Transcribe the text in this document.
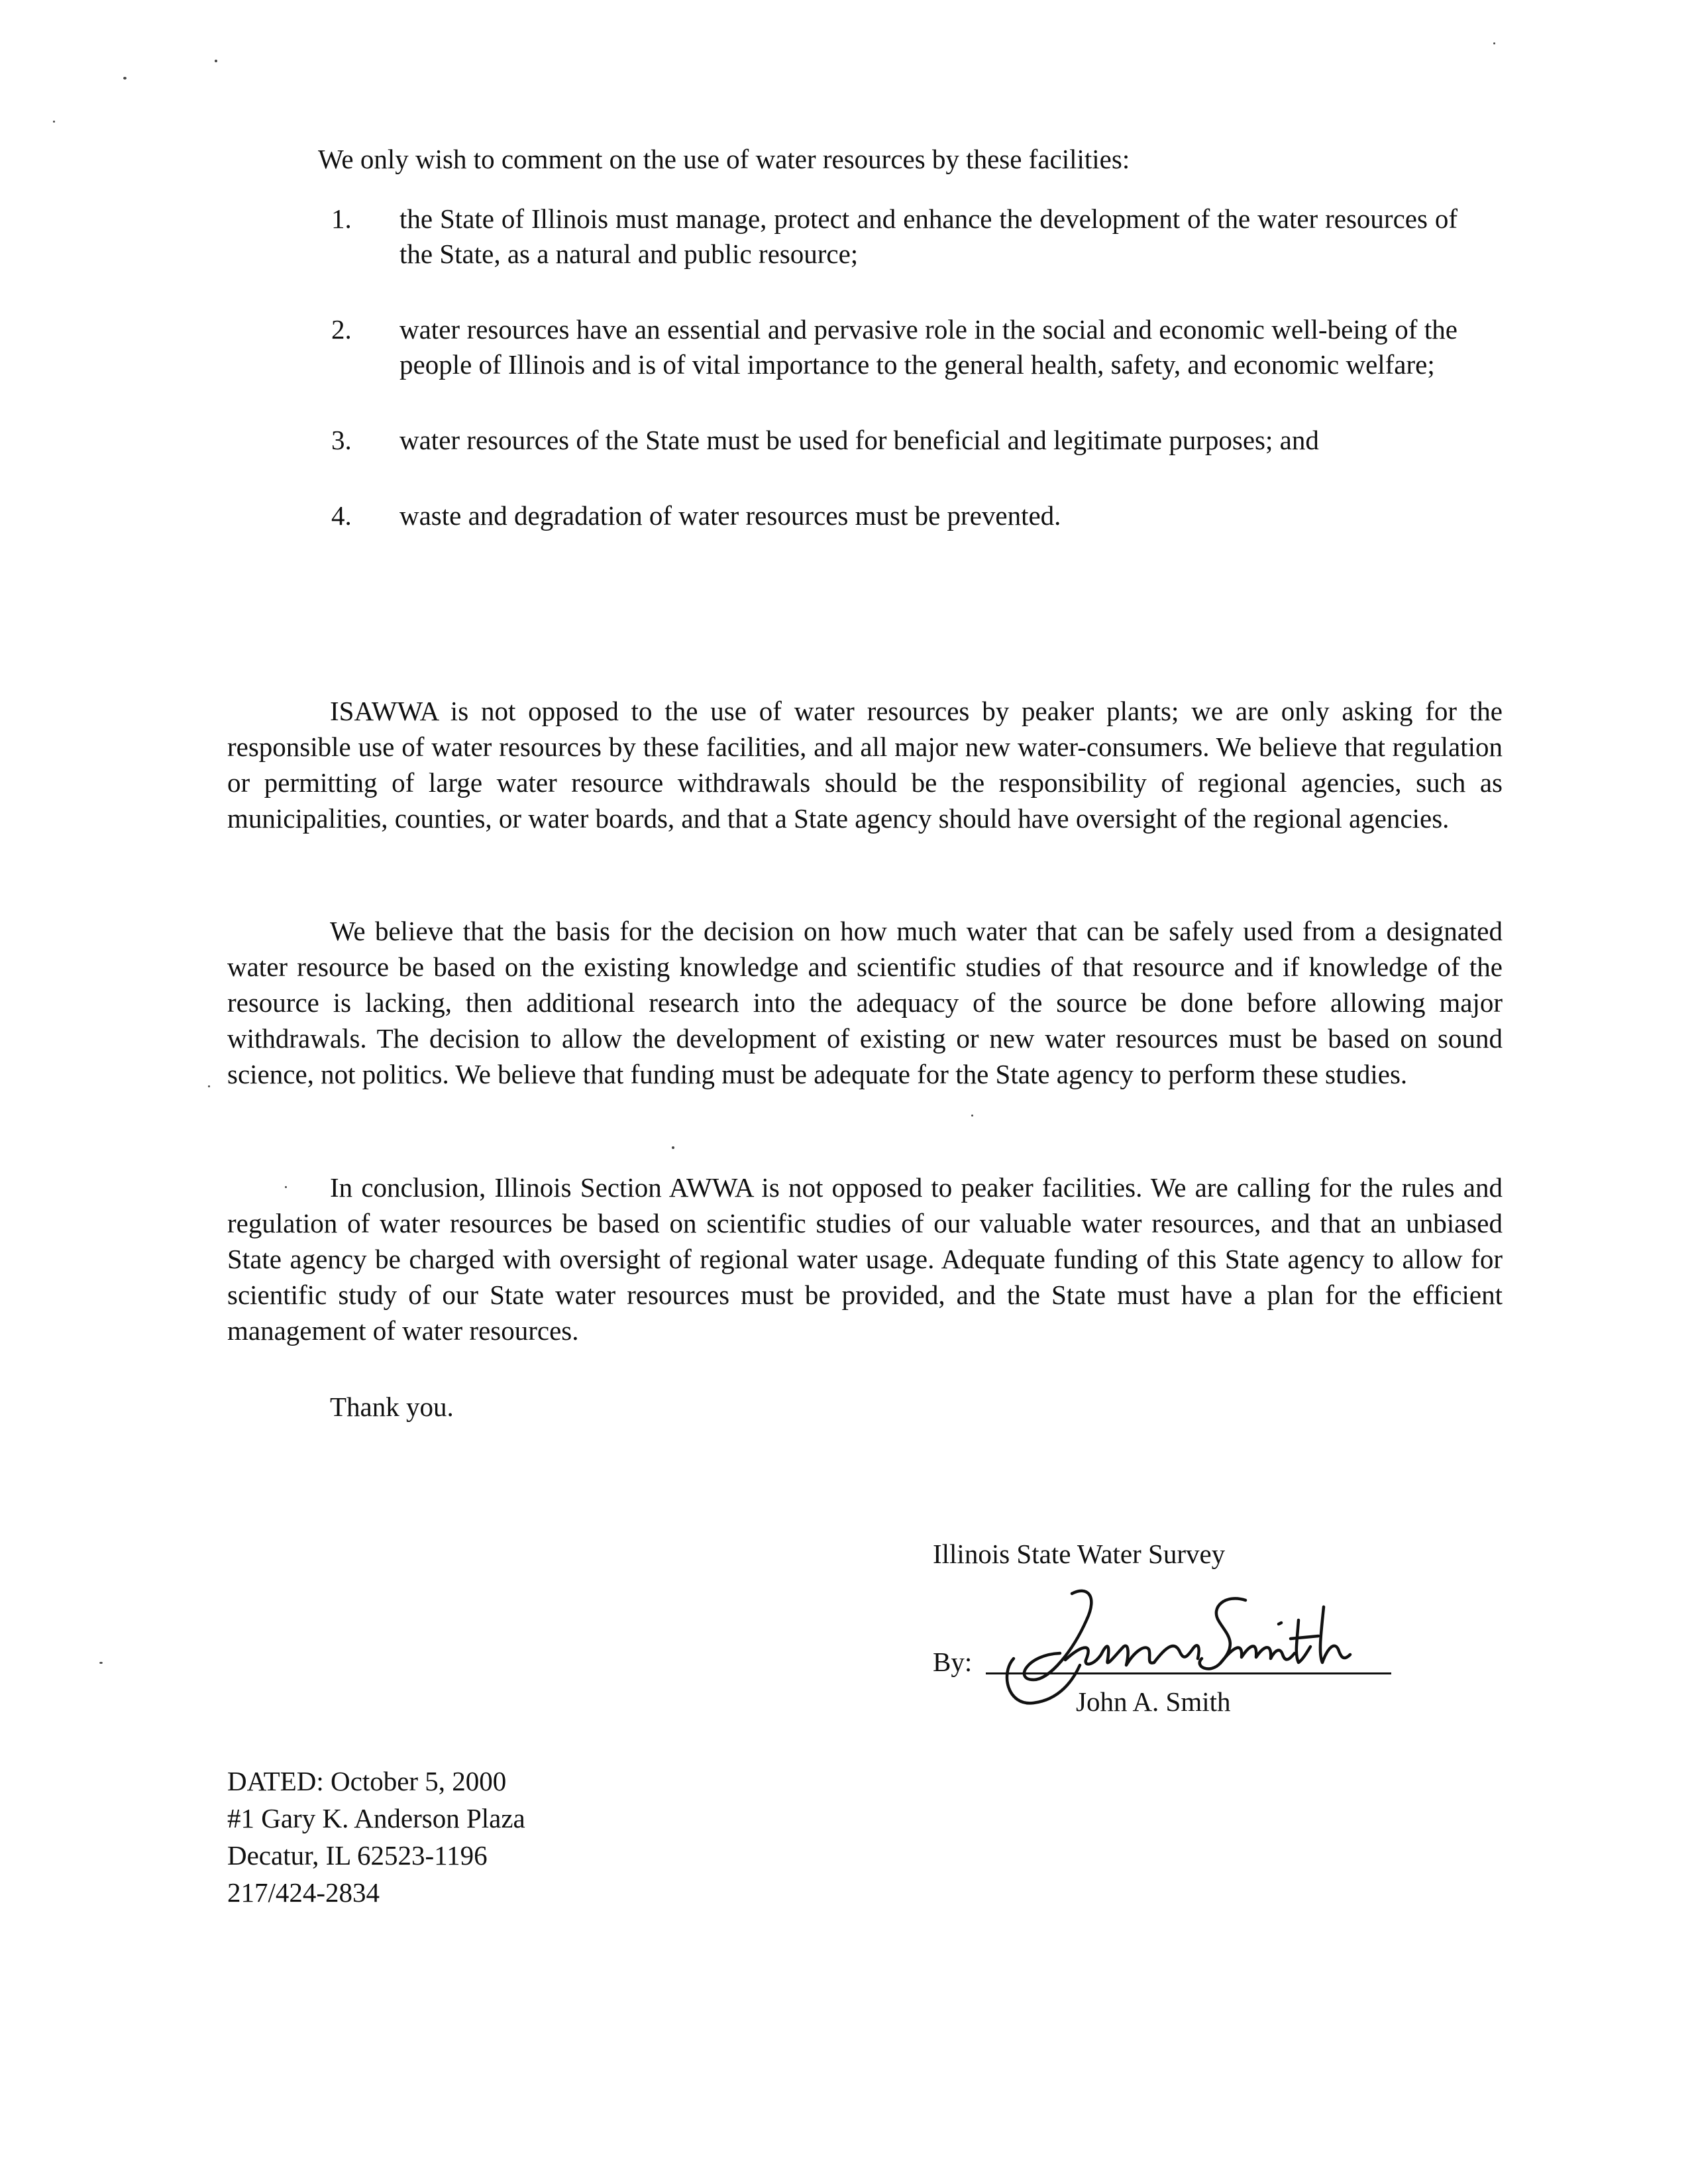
We only wish to comment on the use of water resources by these facilities:

1. the State of Illinois must manage, protect and enhance the development of the water resources of the State, as a natural and public resource;
2. water resources have an essential and pervasive role in the social and economic well-being of the people of Illinois and is of vital importance to the general health, safety, and economic welfare;
3. water resources of the State must be used for beneficial and legitimate purposes; and
4. waste and degradation of water resources must be prevented.

ISAWWA is not opposed to the use of water resources by peaker plants; we are only asking for the responsible use of water resources by these facilities, and all major new water-consumers. We believe that regulation or permitting of large water resource withdrawals should be the responsibility of regional agencies, such as municipalities, counties, or water boards, and that a State agency should have oversight of the regional agencies.

We believe that the basis for the decision on how much water that can be safely used from a designated water resource be based on the existing knowledge and scientific studies of that resource and if knowledge of the resource is lacking, then additional research into the adequacy of the source be done before allowing major withdrawals. The decision to allow the development of existing or new water resources must be based on sound science, not politics. We believe that funding must be adequate for the State agency to perform these studies.

In conclusion, Illinois Section AWWA is not opposed to peaker facilities. We are calling for the rules and regulation of water resources be based on scientific studies of our valuable water resources, and that an unbiased State agency be charged with oversight of regional water usage. Adequate funding of this State agency to allow for scientific study of our State water resources must be provided, and the State must have a plan for the efficient management of water resources.

Thank you.

Illinois State Water Survey

By:
John A. Smith
DATED: October 5, 2000
#1 Gary K. Anderson Plaza
Decatur, IL 62523-1196
217/424-2834
